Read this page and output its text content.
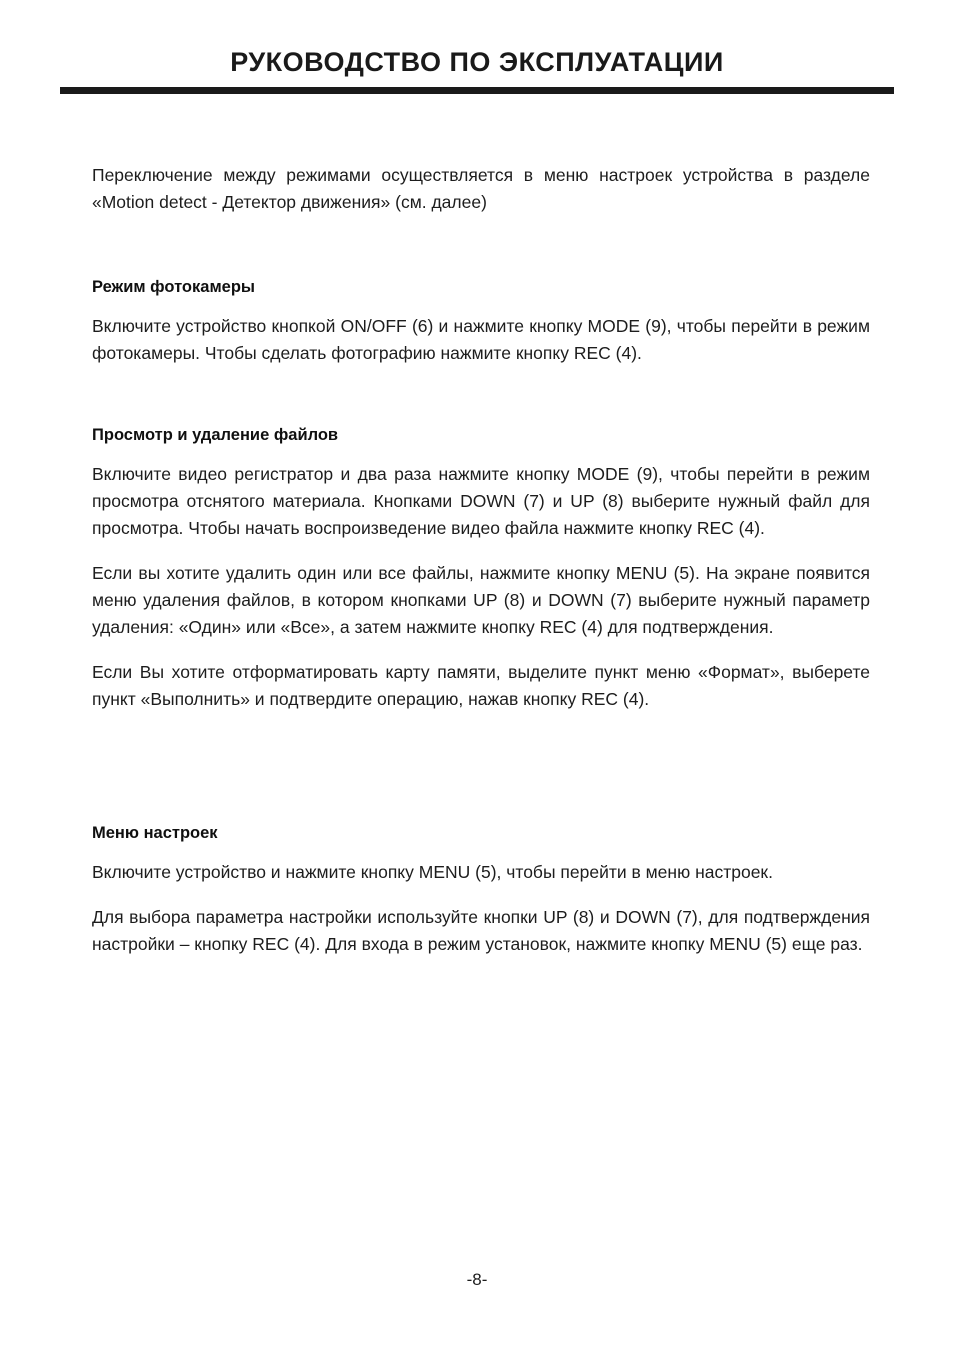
РУКОВОДСТВО ПО ЭКСПЛУАТАЦИИ

Переключение между режимами осуществляется в меню настроек устройства в разделе «Motion detect - Детектор движения» (см. далее)

Режим фотокамеры

Включите устройство кнопкой ON/OFF (6) и нажмите кнопку MODE (9), чтобы перейти в режим фотокамеры. Чтобы сделать фотографию нажмите кнопку REC (4).

Просмотр и удаление файлов

Включите видео регистратор и два раза нажмите кнопку MODE (9), чтобы перейти в режим просмотра отснятого материала. Кнопками DOWN (7) и UP (8) выберите нужный файл для просмотра. Чтобы начать воспроизведение видео файла нажмите кнопку REC (4).

Если вы хотите удалить один или все файлы, нажмите кнопку MENU (5). На экране появится меню удаления файлов, в котором кнопками UP (8) и DOWN (7) выберите нужный параметр удаления: «Один» или «Все», а затем нажмите кнопку REC (4) для подтверждения.

Если Вы хотите отформатировать карту памяти, выделите пункт меню «Формат», выберете пункт «Выполнить» и подтвердите операцию, нажав кнопку REC (4).

Меню настроек

Включите устройство и нажмите кнопку MENU (5), чтобы перейти в меню настроек.

Для выбора параметра настройки используйте кнопки UP (8) и DOWN (7), для подтверждения настройки – кнопку REC (4). Для входа в режим установок, нажмите кнопку MENU (5) еще раз.

-8-
